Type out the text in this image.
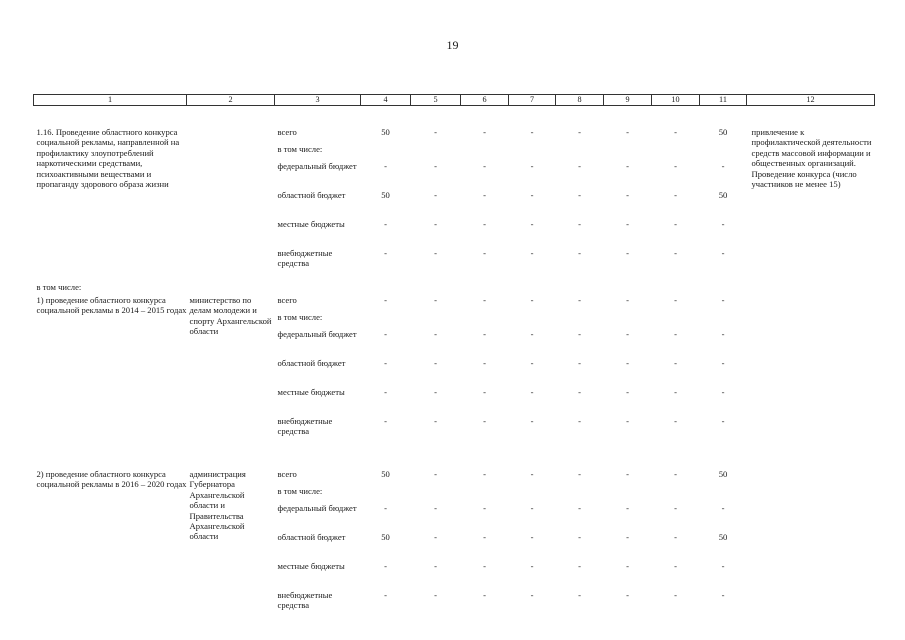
19
1	2	3	4	5	6	7	8	9	10	11	12
1.16. Проведение областного конкурса социальной рекламы, направленной на профилактику злоупотреблений наркотическими средствами, психоактивными веществами и пропаганду здорового образа жизни		всего	50	-	-	-	-	-	-	50	привлечение к профилактической деятельности средств массовой информации и общественных организаций. Проведение конкурса (число участников не менее 15)
		в том числе:									
		федеральный бюджет	-	-	-	-	-	-	-	-	
		областной бюджет	50	-	-	-	-	-	-	50	
		местные бюджеты	-	-	-	-	-	-	-	-	
		внебюджетные средства	-	-	-	-	-	-	-	-	
в том числе:											
1) проведение областного конкурса социальной рекламы в 2014 – 2015 годах	министерство по делам молодежи и спорту Архангельской области	всего	-	-	-	-	-	-	-	-	
		в том числе:									
		федеральный бюджет	-	-	-	-	-	-	-	-	
		областной бюджет	-	-	-	-	-	-	-	-	
		местные бюджеты	-	-	-	-	-	-	-	-	
		внебюджетные средства	-	-	-	-	-	-	-	-	
2) проведение областного конкурса социальной рекламы в 2016 – 2020 годах	администрация Губернатора Архангельской области и Правительства Архангельской области	всего	50	-	-	-	-	-	-	50	
		в том числе:									
		федеральный бюджет	-	-	-	-	-	-	-	-	
		областной бюджет	50	-	-	-	-	-	-	50	
		местные бюджеты	-	-	-	-	-	-	-	-	
		внебюджетные средства	-	-	-	-	-	-	-	-	
